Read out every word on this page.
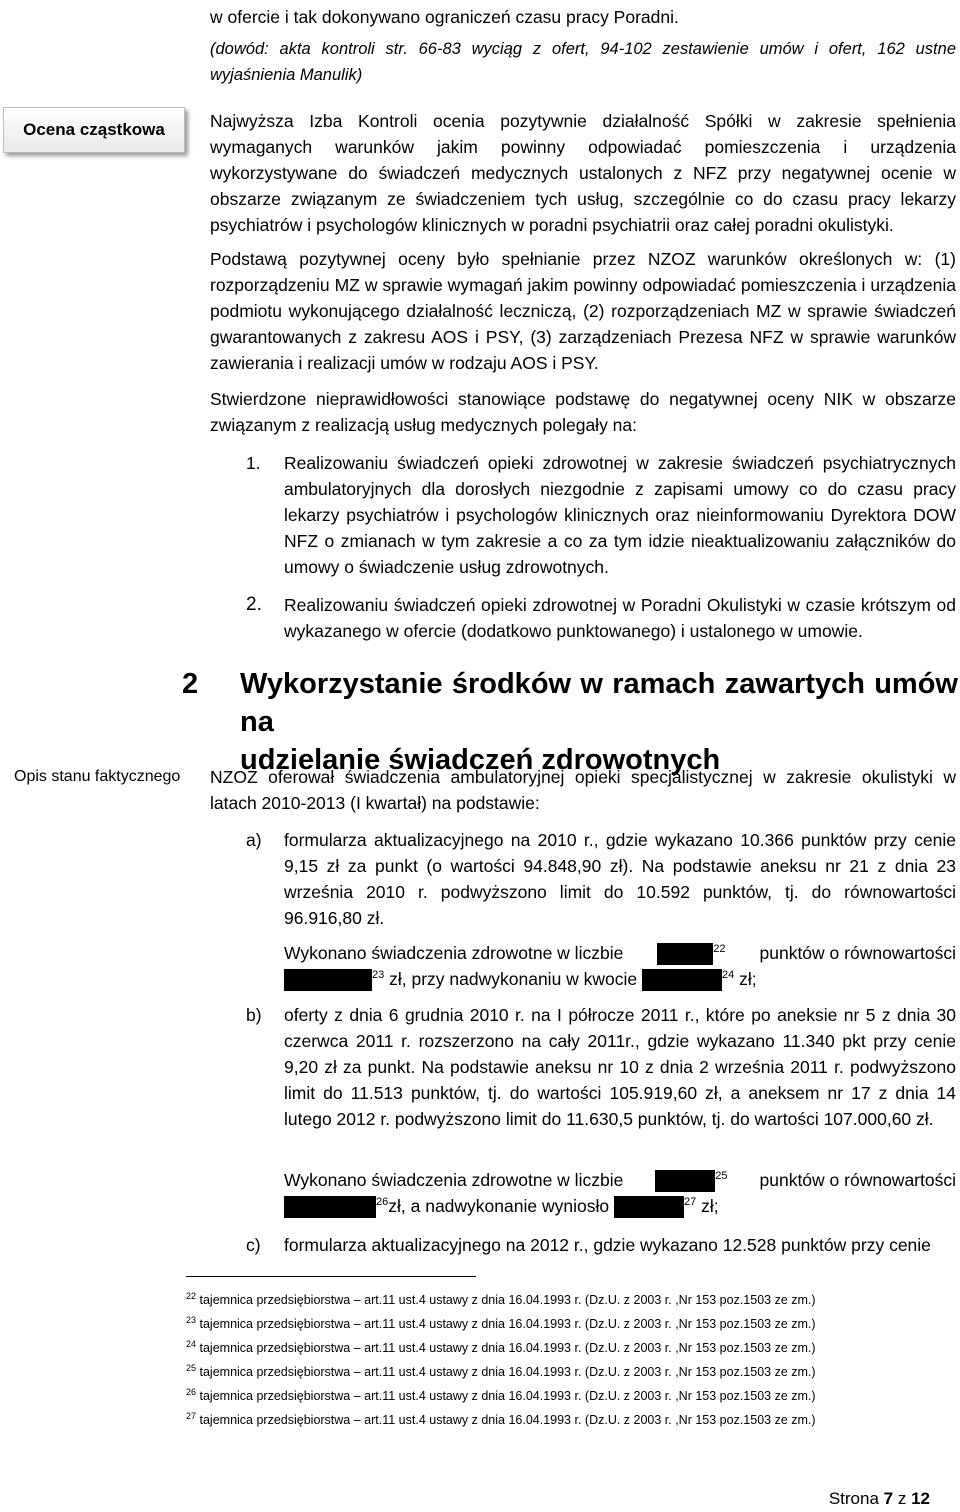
w ofercie i tak dokonywano ograniczeń czasu pracy Poradni.
(dowód: akta kontroli str. 66-83 wyciąg z ofert, 94-102 zestawienie umów i ofert, 162 ustne wyjaśnienia Manulik)
Ocena cząstkowa
Opis stanu faktycznego

Najwyższa Izba Kontroli ocenia pozytywnie działalność Spółki w zakresie spełnienia wymaganych warunków jakim powinny odpowiadać pomieszczenia i urządzenia wykorzystywane do świadczeń medycznych ustalonych z NFZ przy negatywnej ocenie w obszarze związanym ze świadczeniem tych usług, szczególnie co do czasu pracy lekarzy psychiatrów i psychologów klinicznych w poradni psychiatrii oraz całej poradni okulistyki.

Podstawą pozytywnej oceny było spełnianie przez NZOZ warunków określonych w: (1) rozporządzeniu MZ w sprawie wymagań jakim powinny odpowiadać pomieszczenia i urządzenia podmiotu wykonującego działalność leczniczą, (2) rozporządzeniach MZ w sprawie świadczeń gwarantowanych z zakresu AOS i PSY, (3) zarządzeniach Prezesa NFZ w sprawie warunków zawierania i realizacji umów w rodzaju AOS i PSY.

Stwierdzone nieprawidłowości stanowiące podstawę do negatywnej oceny NIK w obszarze związanym z realizacją usług medycznych polegały na:

1. Realizowaniu świadczeń opieki zdrowotnej w zakresie świadczeń psychiatrycznych ambulatoryjnych dla dorosłych niezgodnie z zapisami umowy co do czasu pracy lekarzy psychiatrów i psychologów klinicznych oraz nieinformowaniu Dyrektora DOW NFZ o zmianach w tym zakresie a co za tym idzie nieaktualizowaniu załączników do umowy o świadczenie usług zdrowotnych.

2. Realizowaniu świadczeń opieki zdrowotnej w Poradni Okulistyki w czasie krótszym od wykazanego w ofercie (dodatkowo punktowanego) i ustalonego w umowie.

2	Wykorzystanie środków w ramach zawartych umów na
udzielanie świadczeń zdrowotnych

NZOZ oferował świadczenia ambulatoryjnej opieki specjalistycznej w zakresie okulistyki w latach 2010-2013 (I kwartał) na podstawie:

a) formularza aktualizacyjnego na 2010 r., gdzie wykazano 10.366 punktów przy cenie 9,15 zł za punkt (o wartości 94.848,90 zł). Na podstawie aneksu nr 21 z dnia 23 września 2010 r. podwyższono limit do 10.592 punktów, tj. do równowartości 96.916,80 zł.

Wykonano świadczenia zdrowotne w liczbie	$^{22}$ punktów o równowartości
$^{23}$ zł, przy nadwykonaniu w kwocie	$^{24}$ zł;
b) oferty z dnia 6 grudnia 2010 r. na I półrocze 2011 r., które po aneksie nr 5 z dnia 30 czerwca 2011 r. rozszerzono na cały 2011r., gdzie wykazano 11.340 pkt przy cenie 9,20 zł za punkt. Na podstawie aneksu nr 10 z dnia 2 września 2011 r. podwyższono limit do 11.513 punktów, tj. do wartości 105.919,60 zł, a aneksem nr 17 z dnia 14 lutego 2012 r. podwyższono limit do 11.630,5 punktów, tj. do wartości 107.000,60 zł.

Wykonano świadczenia zdrowotne w liczbie	$^{25}$ punktów o równowartości
$^{26}$zł, a nadwykonanie wyniosło	$^{27}$ zł;
c) formularza aktualizacyjnego na 2012 r., gdzie wykazano 12.528 punktów przy cenie

$^{22}$ tajemnica przedsiębiorstwa – art.11 ust.4 ustawy z dnia 16.04.1993 r. (Dz.U. z 2003 r. ,Nr 153 poz.1503 ze zm.)
$^{23}$ tajemnica przedsiębiorstwa – art.11 ust.4 ustawy z dnia 16.04.1993 r. (Dz.U. z 2003 r. ,Nr 153 poz.1503 ze zm.)
$^{24}$ tajemnica przedsiębiorstwa – art.11 ust.4 ustawy z dnia 16.04.1993 r. (Dz.U. z 2003 r. ,Nr 153 poz.1503 ze zm.)
$^{25}$ tajemnica przedsiębiorstwa – art.11 ust.4 ustawy z dnia 16.04.1993 r. (Dz.U. z 2003 r. ,Nr 153 poz.1503 ze zm.)
$^{26}$ tajemnica przedsiębiorstwa – art.11 ust.4 ustawy z dnia 16.04.1993 r. (Dz.U. z 2003 r. ,Nr 153 poz.1503 ze zm.)
$^{27}$ tajemnica przedsiębiorstwa – art.11 ust.4 ustawy z dnia 16.04.1993 r. (Dz.U. z 2003 r. ,Nr 153 poz.1503 ze zm.)
Strona 7 z 12
